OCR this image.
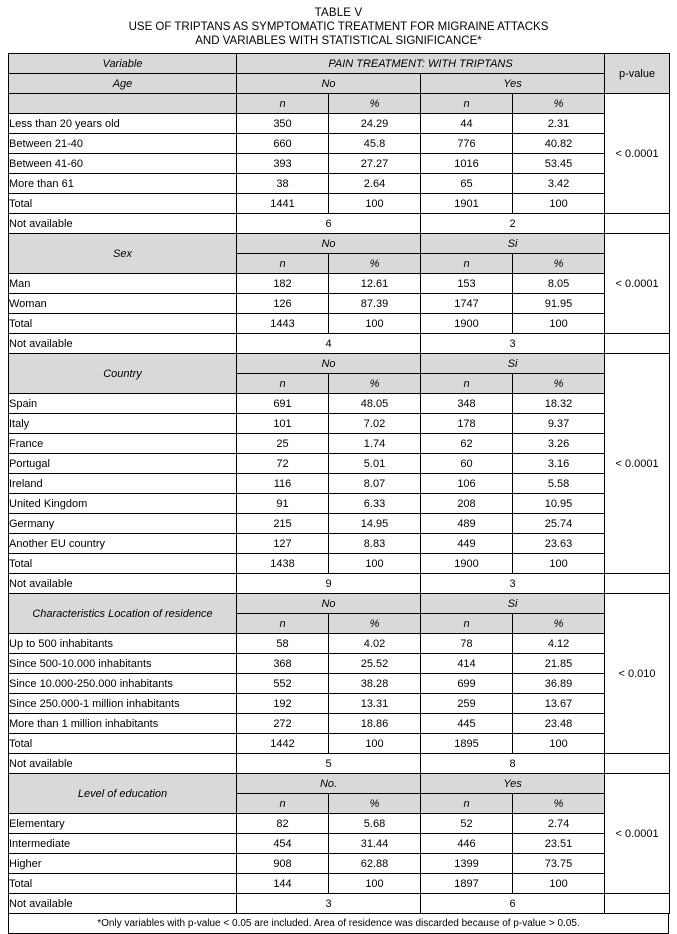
TABLE V
USE OF TRIPTANS AS SYMPTOMATIC TREATMENT FOR MIGRAINE ATTACKS
AND VARIABLES WITH STATISTICAL SIGNIFICANCE*
Variable	PAIN TREATMENT: WITH TRIPTANS				p-value
Age	No		Yes		
	n	%	n	%	< 0.0001
Less than 20 years old	350	24.29	44	2.31	
Between 21-40	660	45.8	776	40.82	
Between 41-60	393	27.27	1016	53.45	
More than 61	38	2.64	65	3.42	
Total	1441	100	1901	100	
Not available	6		2		
Sex	No		Si		< 0.0001
	n	%	n	%	
Man	182	12.61	153	8.05	
Woman	126	87.39	1747	91.95	
Total	1443	100	1900	100	
Not available	4		3		
Country	No		Si		< 0.0001
	n	%	n	%	
Spain	691	48.05	348	18.32	
Italy	101	7.02	178	9.37	
France	25	1.74	62	3.26	
Portugal	72	5.01	60	3.16	
Ireland	116	8.07	106	5.58	
United Kingdom	91	6.33	208	10.95	
Germany	215	14.95	489	25.74	
Another EU country	127	8.83	449	23.63	
Total	1438	100	1900	100	
Not available	9		3		
Characteristics Location of residence	No		Si		< 0.010
	n	%	n	%	
Up to 500 inhabitants	58	4.02	78	4.12	
Since 500-10.000 inhabitants	368	25.52	414	21.85	
Since 10.000-250.000 inhabitants	552	38.28	699	36.89	
Since 250.000-1 million inhabitants	192	13.31	259	13.67	
More than 1 million inhabitants	272	18.86	445	23.48	
Total	1442	100	1895	100	
Not available	5		8		
Level of education	No.		Yes		< 0.0001
	n	%	n	%	
Elementary	82	5.68	52	2.74	
Intermediate	454	31.44	446	23.51	
Higher	908	62.88	1399	73.75	
Total	144	100	1897	100	
Not available	3		6		
*Only variables with p-value < 0.05 are included. Area of residence was discarded because of p-value > 0.05.
